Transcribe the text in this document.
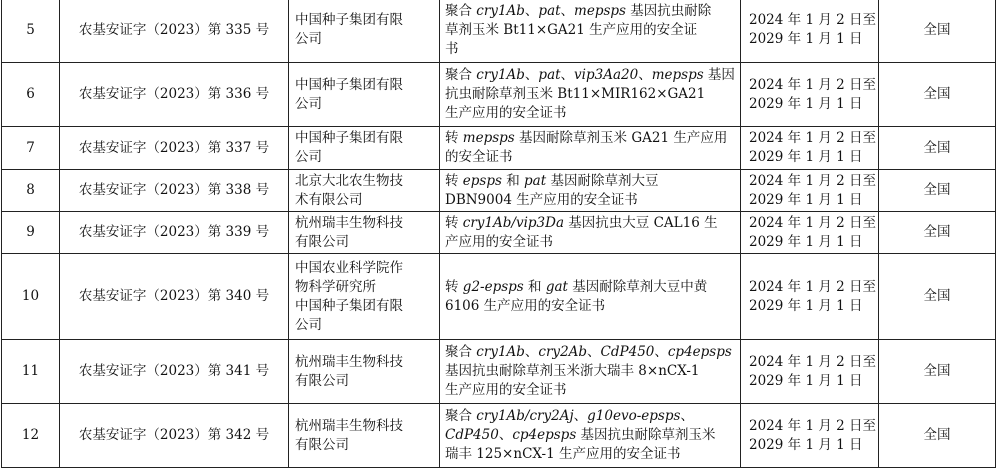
5	农基安证字（2023）第 335 号	中国种子集团有限
公司	聚合 cry1Ab、pat、mepsps 基因抗虫耐除
草剂玉米 Bt11×GA21 生产应用的安全证
书	2024 年 1 月 2 日至
2029 年 1 月 1 日	全国
6	农基安证字（2023）第 336 号	中国种子集团有限
公司	聚合 cry1Ab、pat、vip3Aa20、mepsps 基因
抗虫耐除草剂玉米 Bt11×MIR162×GA21
生产应用的安全证书	2024 年 1 月 2 日至
2029 年 1 月 1 日	全国
7	农基安证字（2023）第 337 号	中国种子集团有限
公司	转 mepsps 基因耐除草剂玉米 GA21 生产应用
的安全证书	2024 年 1 月 2 日至
2029 年 1 月 1 日	全国
8	农基安证字（2023）第 338 号	北京大北农生物技
术有限公司	转 epsps 和 pat 基因耐除草剂大豆
DBN9004 生产应用的安全证书	2024 年 1 月 2 日至
2029 年 1 月 1 日	全国
9	农基安证字（2023）第 339 号	杭州瑞丰生物科技
有限公司	转 cry1Ab/vip3Da 基因抗虫大豆 CAL16 生
产应用的安全证书	2024 年 1 月 2 日至
2029 年 1 月 1 日	全国
10	农基安证字（2023）第 340 号	中国农业科学院作
物科学研究所
中国种子集团有限
公司	转 g2-epsps 和 gat 基因耐除草剂大豆中黄
6106 生产应用的安全证书	2024 年 1 月 2 日至
2029 年 1 月 1 日	全国
11	农基安证字（2023）第 341 号	杭州瑞丰生物科技
有限公司	聚合 cry1Ab、cry2Ab、CdP450、cp4epsps
基因抗虫耐除草剂玉米浙大瑞丰 8×nCX-1
生产应用的安全证书	2024 年 1 月 2 日至
2029 年 1 月 1 日	全国
12	农基安证字（2023）第 342 号	杭州瑞丰生物科技
有限公司	聚合 cry1Ab/cry2Aj、g10evo-epsps、
CdP450、cp4epsps 基因抗虫耐除草剂玉米
瑞丰 125×nCX-1 生产应用的安全证书	2024 年 1 月 2 日至
2029 年 1 月 1 日	全国
